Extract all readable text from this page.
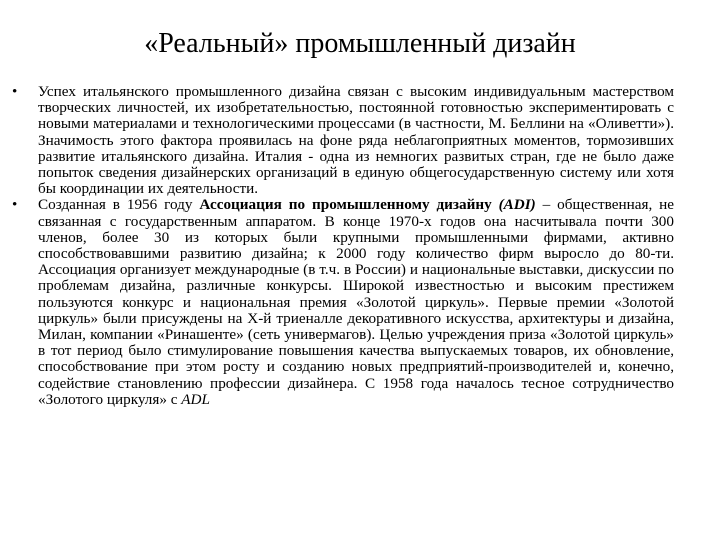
«Реальный» промышленный дизайн
•	Успех итальянского промышленного дизайна связан с высоким индивидуальным мастерством творческих личностей, их изобретательностью, постоянной готовностью экспериментировать с новыми материалами и технологическими процессами (в частности, М. Беллини на «Оливетти»). Значимость этого фактора проявилась на фоне ряда неблагоприятных моментов, тормозивших развитие итальянского дизайна. Италия - одна из немногих развитых стран, где не было даже попыток сведения дизайнерских организаций в единую общегосударственную систему или хотя бы координации их деятельности.
•	Созданная в 1956 году Ассоциация по промышленному дизайну (ADI) – общественная, не связанная с государственным аппаратом. В конце 1970-х годов она насчитывала почти 300 членов, более 30 из которых были крупными промышленными фирмами, активно способствовавшими развитию дизайна; к 2000 году количество фирм выросло до 80-ти. Ассоциация организует международные (в т.ч. в России) и национальные выставки, дискуссии по проблемам дизайна, различные конкурсы. Широкой известностью и высоким престижем пользуются конкурс и национальная премия «Золотой циркуль». Первые премии «Золотой циркуль» были присуждены на Х-й триеналле декоративного искусства, архитектуры и дизайна, Милан, компании «Ринашенте» (сеть универмагов). Целью учреждения приза «Золотой циркуль» в тот период было стимулирование повышения качества выпускаемых товаров, их обновление, способствование при этом росту и созданию новых предприятий-производителей и, конечно, содействие становлению профессии дизайнера. С 1958 года началось тесное сотрудничество «Золотого циркуля» с ADL
